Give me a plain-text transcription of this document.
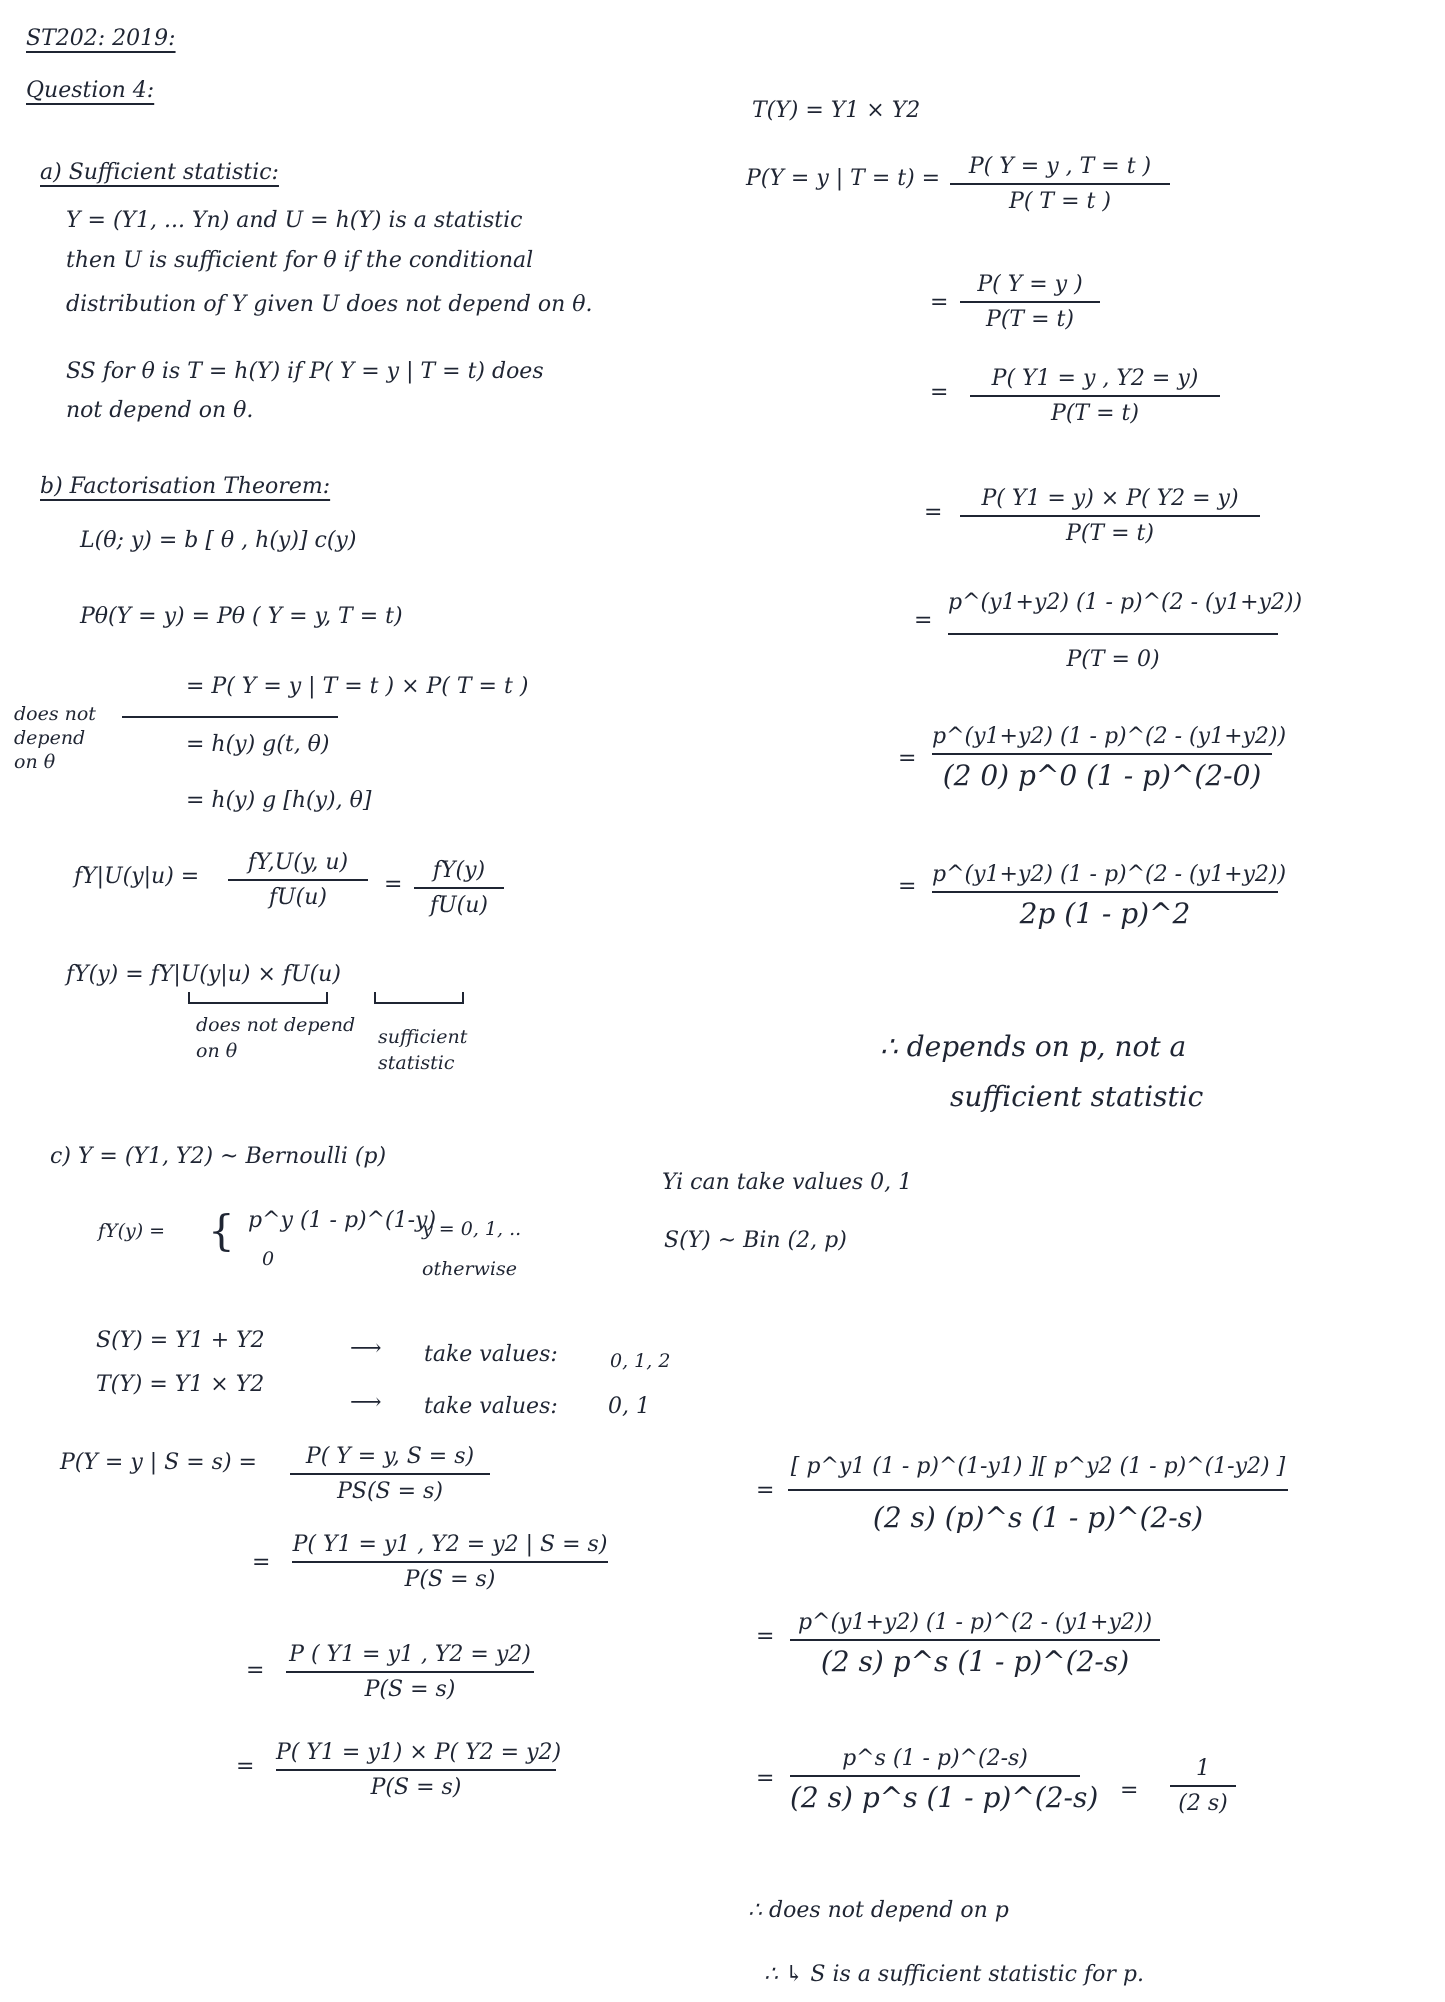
ST202: 2019:
Question 4:
a) Sufficient statistic:
Y = (Y1, ... Yn) and U = h(Y) is a statistic
then U is sufficient for θ if the conditional
distribution of Y given U does not depend on θ.
SS for θ is T = h(Y) if P( Y = y | T = t) does
not depend on θ.
b) Factorisation Theorem:
L(θ; y) = b [ θ , h(y)] c(y)
Pθ(Y = y) = Pθ ( Y = y, T = t)
= P( Y = y | T = t ) × P( T = t )
does not depend on θ
= h(y) g(t, θ)
= h(y) g [h(y), θ]
fY|U(y|u) =
fY,U(y, u)
fU(u)
=
fY(y)
fU(u)
fY(y) = fY|U(y|u) × fU(u)
does not depend on θ
sufficient statistic
c) Y = (Y1, Y2) ~ Bernoulli (p)
fY(y) = { p^y (1 - p)^(1-y)
y = 0, 1, ..
0	otherwise
S(Y) = Y1 + Y2	⟶ take values:	0, 1, 2
T(Y) = Y1 × Y2
⟶ take values: 0, 1
P(Y = y | S = s) =	P( Y = y, S = s)
PS(S = s)
=
P( Y1 = y1 , Y2 = y2 | S = s)
P(S = s)
=
P ( Y1 = y1 , Y2 = y2)
P(S = s)
=
P( Y1 = y1) × P( Y2 = y2)
P(S = s)
T(Y) = Y1 × Y2
P(Y = y | T = t) =	P( Y = y , T = t )
P( T = t )
=
P( Y = y )
P(T = t)
=
P( Y1 = y , Y2 = y)
P(T = t)
=
P( Y1 = y) × P( Y2 = y)
P(T = t)
=
p^(y1+y2) (1 - p)^(2 - (y1+y2))
P(T = 0)
=
p^(y1+y2) (1 - p)^(2 - (y1+y2))
(2 0) p^0 (1 - p)^(2-0)
= p^(y1+y2) (1 - p)^(2 - (y1+y2))
2p (1 - p)^2
∴ depends on p, not a
sufficient statistic
Yi can take values 0, 1
S(Y) ~ Bin (2, p)
=
[ p^y1 (1 - p)^(1-y1) ][ p^y2 (1 - p)^(1-y2) ]
(2 s) (p)^s (1 - p)^(2-s)
=
p^(y1+y2) (1 - p)^(2 - (y1+y2))
(2 s) p^s (1 - p)^(2-s)
=
p^s (1 - p)^(2-s)
(2 s) p^s (1 - p)^(2-s) =
1
(2 s)
∴ does not depend on p
∴ ↳ S is a sufficient statistic for p.
